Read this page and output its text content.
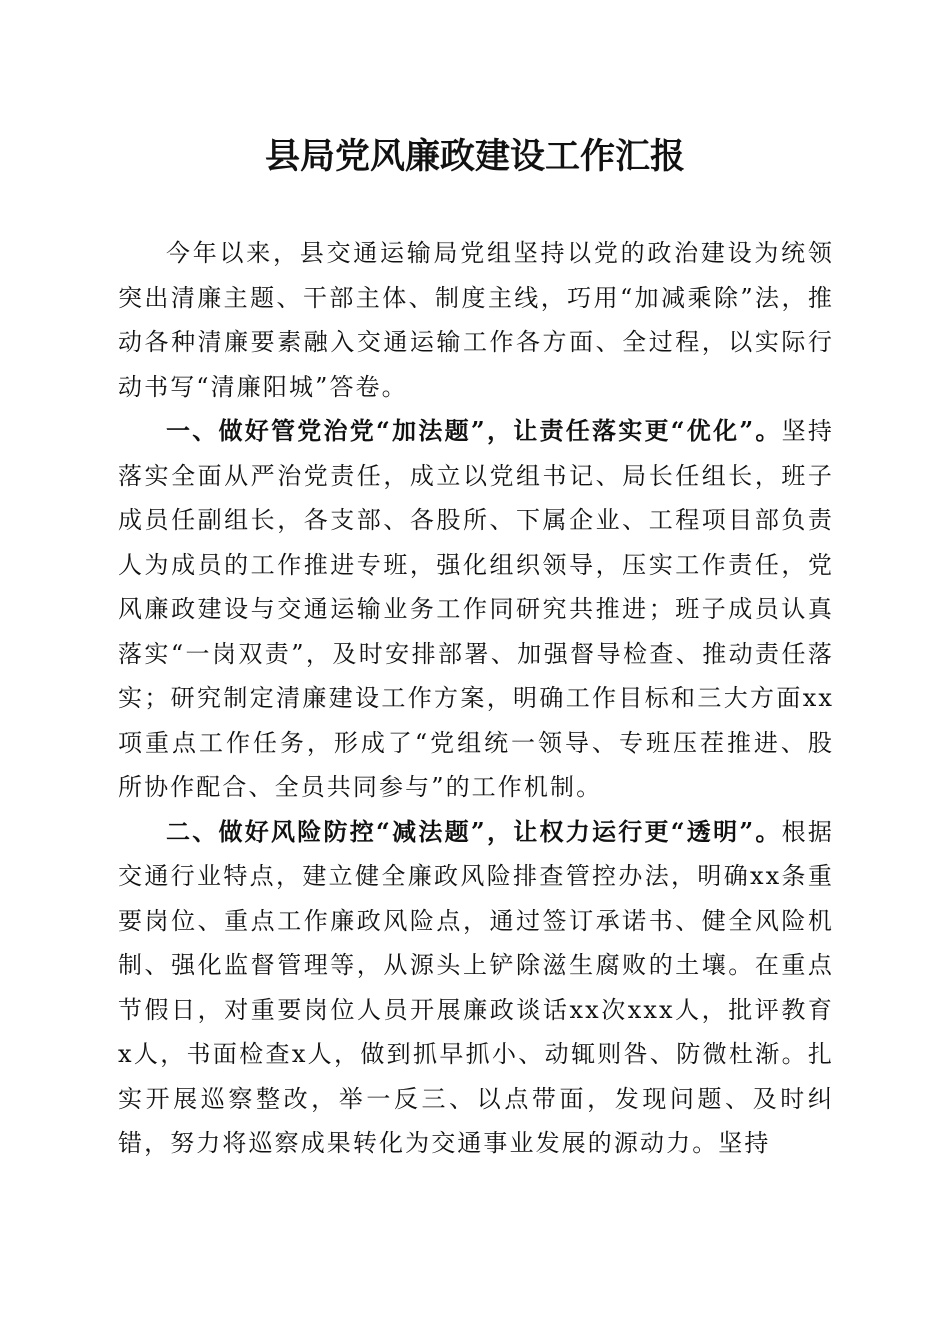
县局党风廉政建设工作汇报

今年以来，县交通运输局党组坚持以党的政治建设为统领突出清廉主题、干部主体、制度主线，巧用“加减乘除”法，推动各种清廉要素融入交通运输工作各方面、全过程，以实际行动书写“清廉阳城”答卷。

一、做好管党治党“加法题”，让责任落实更“优化”。坚持落实全面从严治党责任，成立以党组书记、局长任组长，班子成员任副组长，各支部、各股所、下属企业、工程项目部负责人为成员的工作推进专班，强化组织领导，压实工作责任，党风廉政建设与交通运输业务工作同研究共推进；班子成员认真落实“一岗双责”，及时安排部署、加强督导检查、推动责任落实；研究制定清廉建设工作方案，明确工作目标和三大方面xx项重点工作任务，形成了“党组统一领导、专班压茬推进、股所协作配合、全员共同参与”的工作机制。

二、做好风险防控“减法题”，让权力运行更“透明”。根据交通行业特点，建立健全廉政风险排查管控办法，明确xx条重要岗位、重点工作廉政风险点，通过签订承诺书、健全风险机制、强化监督管理等，从源头上铲除滋生腐败的土壤。在重点节假日，对重要岗位人员开展廉政谈话xx次xxx人，批评教育x人，书面检查x人，做到抓早抓小、动辄则咎、防微杜渐。扎实开展巡察整改，举一反三、以点带面，发现问题、及时纠错，努力将巡察成果转化为交通事业发展的源动力。坚持
